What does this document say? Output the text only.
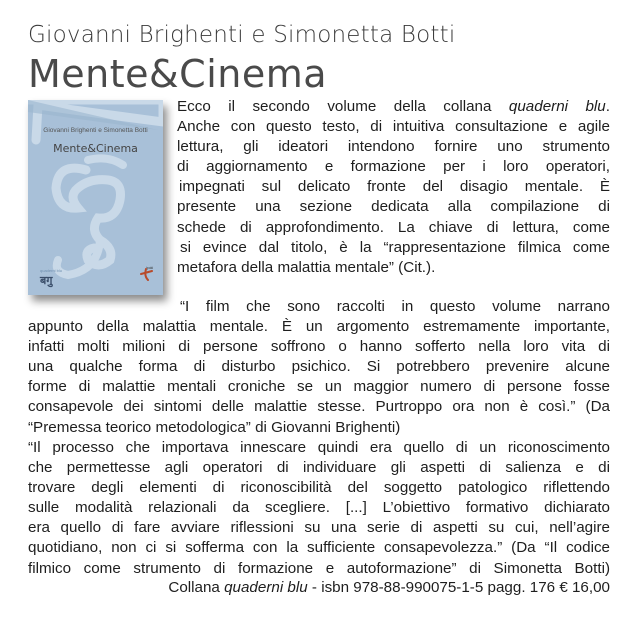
Giovanni Brighenti e Simonetta Botti
Mente&Cinema
Giovanni Brighenti e Simonetta Botti
Mente&Cinema
quaderni blu
बगु
ipoki
Ecco il secondo volume della collana quaderni blu.
Anche con questo testo, di intuitiva consultazione e agile
lettura, gli ideatori intendono fornire uno strumento
di aggiornamento e formazione per i loro operatori,
impegnati sul delicato fronte del disagio mentale. È
presente una sezione dedicata alla compilazione di
schede di approfondimento. La chiave di lettura, come
si evince dal titolo, è la “rappresentazione filmica come
metafora della malattia mentale” (Cit.).
“I film che sono raccolti in questo volume narrano
appunto della malattia mentale. È un argomento estremamente importante,
infatti molti milioni di persone soffrono o hanno sofferto nella loro vita di
una qualche forma di disturbo psichico. Si potrebbero prevenire alcune
forme di malattie mentali croniche se un maggior numero di persone fosse
consapevole dei sintomi delle malattie stesse. Purtroppo ora non è così.” (Da
“Premessa teorico metodologica” di Giovanni Brighenti)
“Il processo che importava innescare quindi era quello di un riconoscimento
che permettesse agli operatori di individuare gli aspetti di salienza e di
trovare degli elementi di riconoscibilità del soggetto patologico riflettendo
sulle modalità relazionali da scegliere. [...] L’obiettivo formativo dichiarato
era quello di fare avviare riflessioni su una serie di aspetti su cui, nell’agire
quotidiano, non ci si sofferma con la sufficiente consapevolezza.” (Da “Il codice
filmico come strumento di formazione e autoformazione” di Simonetta Botti)
Collana quaderni blu - isbn 978-88-990075-1-5 pagg. 176 € 16,00
